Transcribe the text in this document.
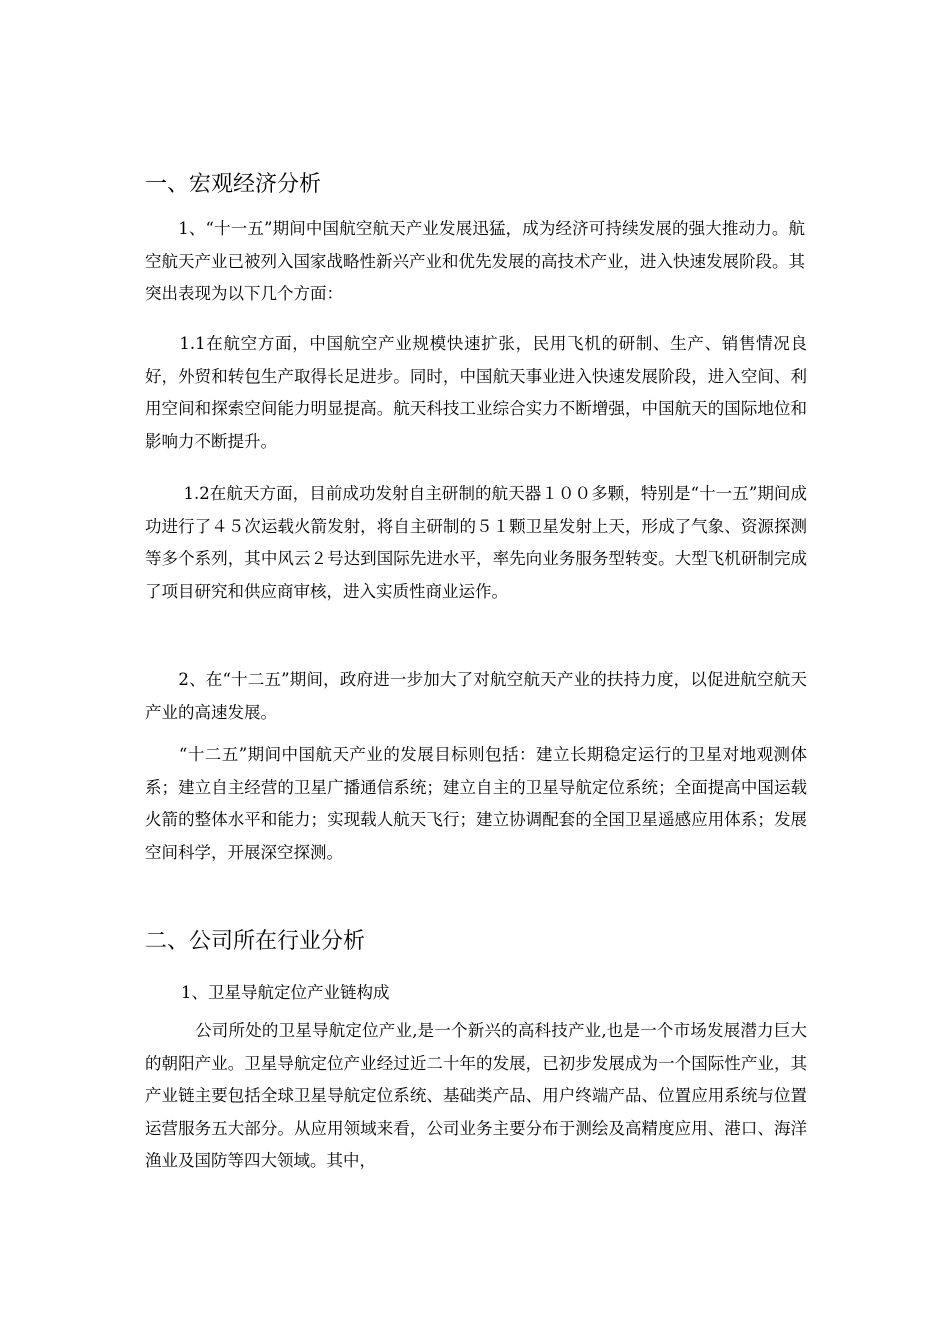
一、宏观经济分析

　　1、“十一五”期间中国航空航天产业发展迅猛，成为经济可持续发展的强大推动力。航空航天产业已被列入国家战略性新兴产业和优先发展的高技术产业，进入快速发展阶段。其突出表现为以下几个方面：

　　1.1在航空方面，中国航空产业规模快速扩张，民用飞机的研制、生产、销售情况良好，外贸和转包生产取得长足进步。同时，中国航天事业进入快速发展阶段，进入空间、利用空间和探索空间能力明显提高。航天科技工业综合实力不断增强，中国航天的国际地位和影响力不断提升。

　　 1.2在航天方面，目前成功发射自主研制的航天器１００多颗，特别是“十一五”期间成功进行了４５次运载火箭发射，将自主研制的５１颗卫星发射上天，形成了气象、资源探测等多个系列，其中风云２号达到国际先进水平，率先向业务服务型转变。大型飞机研制完成了项目研究和供应商审核，进入实质性商业运作。

　　2、在“十二五”期间，政府进一步加大了对航空航天产业的扶持力度，以促进航空航天产业的高速发展。

　　“十二五”期间中国航天产业的发展目标则包括：建立长期稳定运行的卫星对地观测体系；建立自主经营的卫星广播通信系统；建立自主的卫星导航定位系统；全面提高中国运载火箭的整体水平和能力；实现载人航天飞行；建立协调配套的全国卫星遥感应用体系；发展空间科学，开展深空探测。

二、公司所在行业分析
1、卫星导航定位产业链构成

　　　公司所处的卫星导航定位产业,是一个新兴的高科技产业,也是一个市场发展潜力巨大的朝阳产业。卫星导航定位产业经过近二十年的发展，已初步发展成为一个国际性产业，其产业链主要包括全球卫星导航定位系统、基础类产品、用户终端产品、位置应用系统与位置运营服务五大部分。从应用领域来看，公司业务主要分布于测绘及高精度应用、港口、海洋渔业及国防等四大领域。其中，
